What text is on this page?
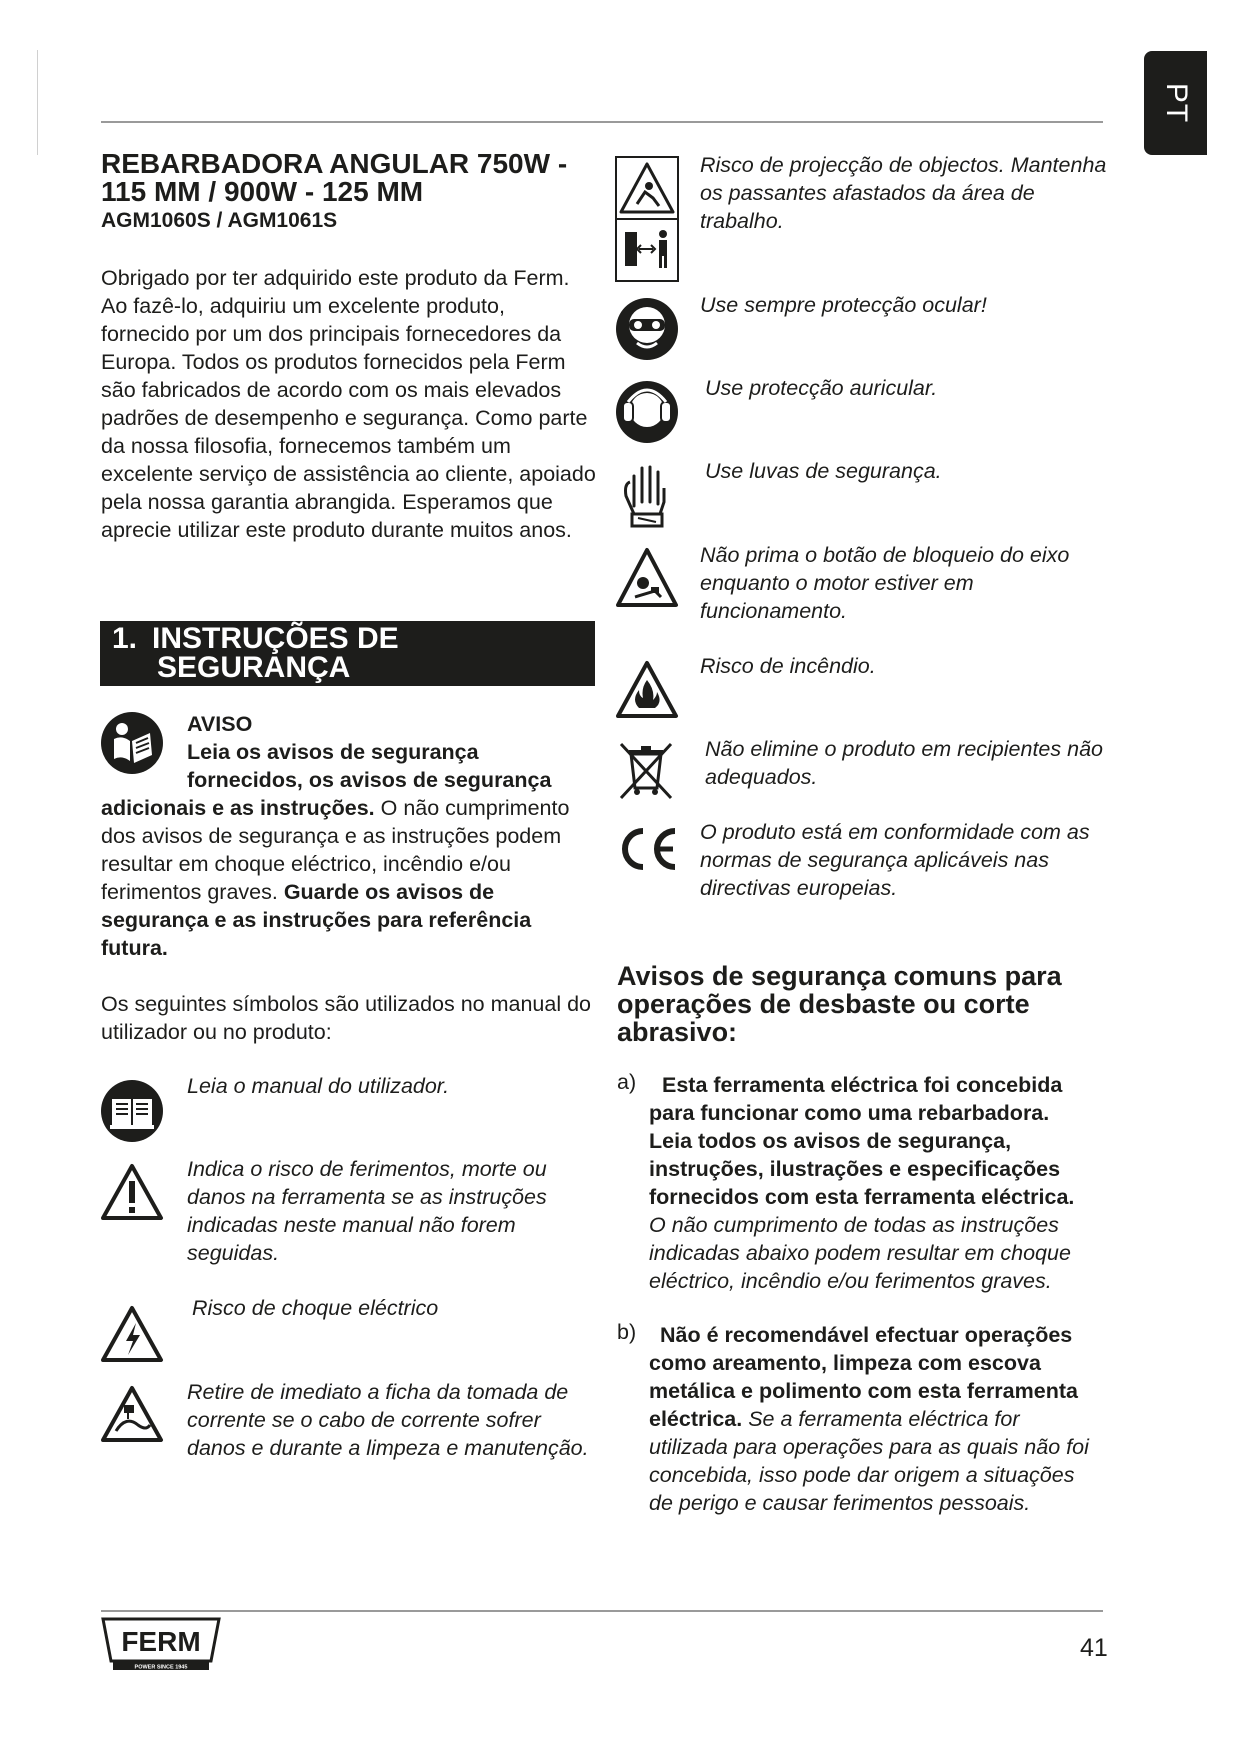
PT
REBARBADORA ANGULAR 750W -
115 MM / 900W - 125 MM
AGM1060S / AGM1061S
Obrigado por ter adquirido este produto da Ferm. Ao fazê-lo, adquiriu um excelente produto, fornecido por um dos principais fornecedores da Europa. Todos os produtos fornecidos pela Ferm são fabricados de acordo com os mais elevados padrões de desempenho e segurança. Como parte da nossa filosofia, fornecemos também um excelente serviço de assistência ao cliente, apoiado pela nossa garantia abrangida. Esperamos que aprecie utilizar este produto durante muitos anos.
1. INSTRUÇÕES DE
SEGURANÇA
AVISO
Leia os avisos de segurança
fornecidos, os avisos de segurança
adicionais e as instruções. O não cumprimento dos avisos de segurança e as instruções podem resultar em choque eléctrico, incêndio e/ou ferimentos graves. Guarde os avisos de segurança e as instruções para referência futura.
Os seguintes símbolos são utilizados no manual do utilizador ou no produto:
Leia o manual do utilizador.
Indica o risco de ferimentos, morte ou danos na ferramenta se as instruções indicadas neste manual não forem seguidas.
Risco de choque eléctrico
Retire de imediato a ficha da tomada de corrente se o cabo de corrente sofrer danos e durante a limpeza e manutenção.
Risco de projecção de objectos. Mantenha os passantes afastados da área de trabalho.
Use sempre protecção ocular!
Use protecção auricular.
Use luvas de segurança.
Não prima o botão de bloqueio do eixo enquanto o motor estiver em funcionamento.
Risco de incêndio.
Não elimine o produto em recipientes não adequados.
O produto está em conformidade com as normas de segurança aplicáveis nas directivas europeias.
Avisos de segurança comuns para operações de desbaste ou corte abrasivo:
a)	Esta ferramenta eléctrica foi concebida para funcionar como uma rebarbadora. Leia todos os avisos de segurança, instruções, ilustrações e especificações fornecidos com esta ferramenta eléctrica. O não cumprimento de todas as instruções indicadas abaixo podem resultar em choque eléctrico, incêndio e/ou ferimentos graves.
b)	Não é recomendável efectuar operações como areamento, limpeza com escova metálica e polimento com esta ferramenta eléctrica. Se a ferramenta eléctrica for utilizada para operações para as quais não foi concebida, isso pode dar origem a situações de perigo e causar ferimentos pessoais.
FERM
POWER SINCE 1945
41
